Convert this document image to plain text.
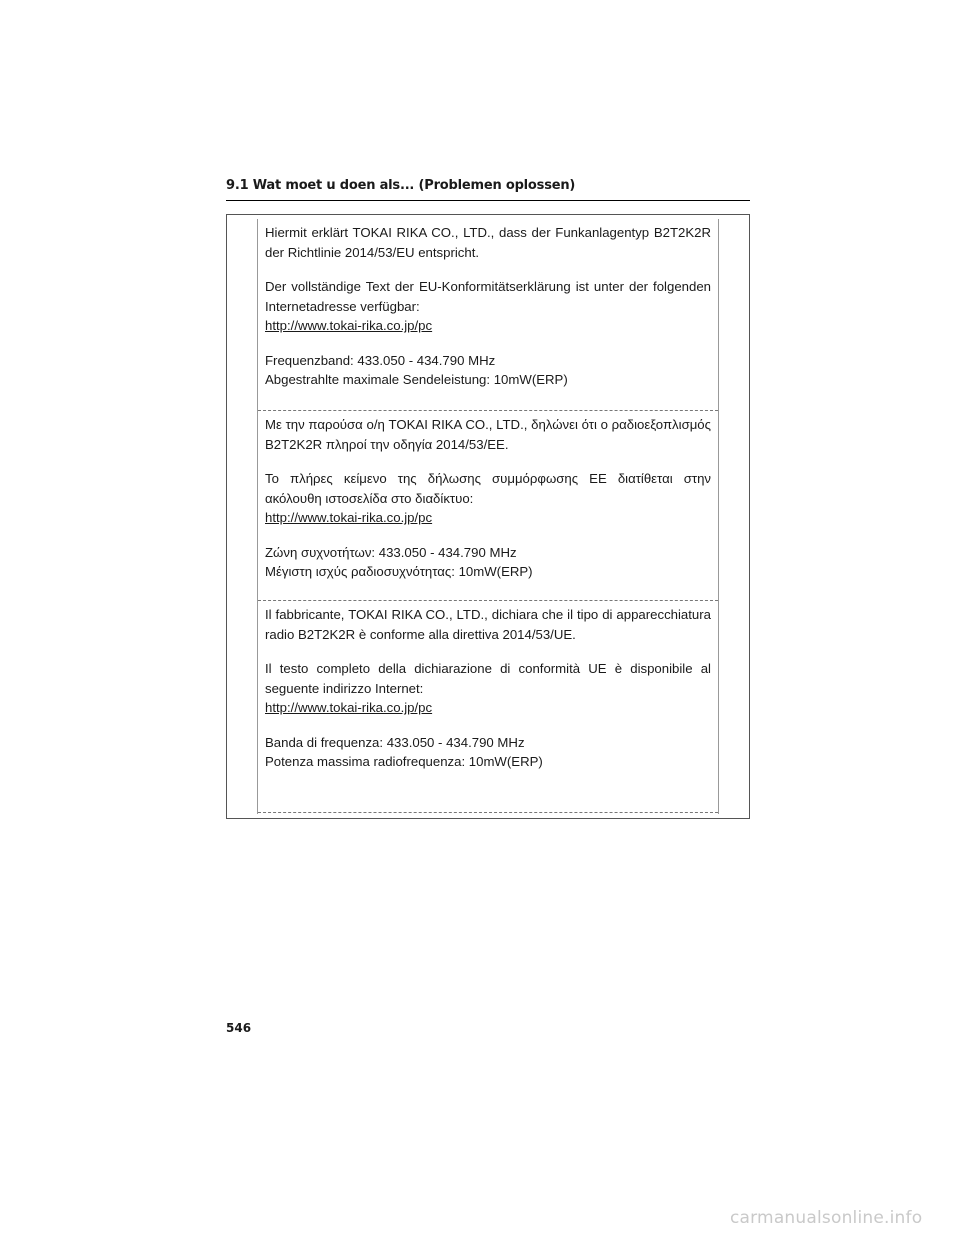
9.1 Wat moet u doen als... (Problemen oplossen)

Hiermit erklärt TOKAI RIKA CO., LTD., dass der Funkanlagentyp B2T2K2R der Richtlinie 2014/53/EU entspricht.

Der vollständige Text der EU-Konformitätserklärung ist unter der folgenden Internetadresse verfügbar:

http://www.tokai-rika.co.jp/pc

Frequenzband: 433.050 - 434.790 MHz

Abgestrahlte maximale Sendeleistung: 10mW(ERP)

Με την παρούσα ο/η TOKAI RIKA CO., LTD., δηλώνει ότι ο ραδιοεξοπλισμός B2T2K2R πληροί την οδηγία 2014/53/ΕΕ.

Το πλήρες κείμενο της δήλωσης συμμόρφωσης ΕΕ διατίθεται στην ακόλουθη ιστοσελίδα στο διαδίκτυο:

http://www.tokai-rika.co.jp/pc

Ζώνη συχνοτήτων: 433.050 - 434.790 MHz

Μέγιστη ισχύς ραδιοσυχνότητας: 10mW(ERP)

Il fabbricante, TOKAI RIKA CO., LTD., dichiara che il tipo di apparecchiatura radio B2T2K2R è conforme alla direttiva 2014/53/UE.

Il testo completo della dichiarazione di conformità UE è disponibile al seguente indirizzo Internet:

http://www.tokai-rika.co.jp/pc

Banda di frequenza: 433.050 - 434.790 MHz

Potenza massima radiofrequenza: 10mW(ERP)

546
carmanualsonline.info
